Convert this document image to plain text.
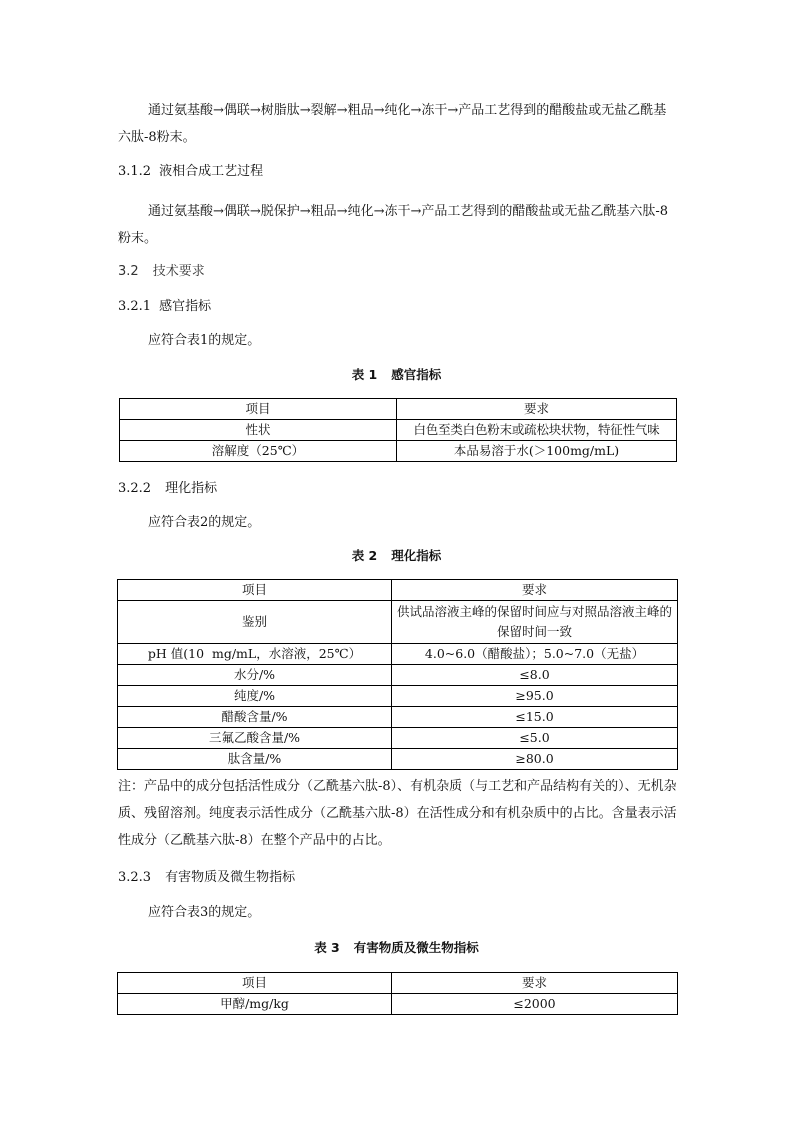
通过氨基酸→偶联→树脂肽→裂解→粗品→纯化→冻干→产品工艺得到的醋酸盐或无盐乙酰基六肽-8粉末。

3.1.2 液相合成工艺过程

通过氨基酸→偶联→脱保护→粗品→纯化→冻干→产品工艺得到的醋酸盐或无盐乙酰基六肽-8粉末。

3.2 技术要求

3.2.1 感官指标

应符合表1的规定。

表 1 感官指标

项目	要求
性状	白色至类白色粉末或疏松块状物，特征性气味
溶解度（25℃）	本品易溶于水(＞100mg/mL)

3.2.2 理化指标

应符合表2的规定。

表 2 理化指标

项目	要求
鉴别	供试品溶液主峰的保留时间应与对照品溶液主峰的保留时间一致
pH 值(10  mg/mL，水溶液，25℃）	4.0~6.0（醋酸盐）；5.0~7.0（无盐）
水分/%	≤8.0
纯度/%	≥95.0
醋酸含量/%	≤15.0
三氟乙酸含量/%	≤5.0
肽含量/%	≥80.0

注：产品中的成分包括活性成分（乙酰基六肽-8）、有机杂质（与工艺和产品结构有关的）、无机杂质、残留溶剂。纯度表示活性成分（乙酰基六肽-8）在活性成分和有机杂质中的占比。含量表示活性成分（乙酰基六肽-8）在整个产品中的占比。

3.2.3 有害物质及微生物指标

应符合表3的规定。

表 3 有害物质及微生物指标

项目	要求
甲醇/mg/kg	≤2000
